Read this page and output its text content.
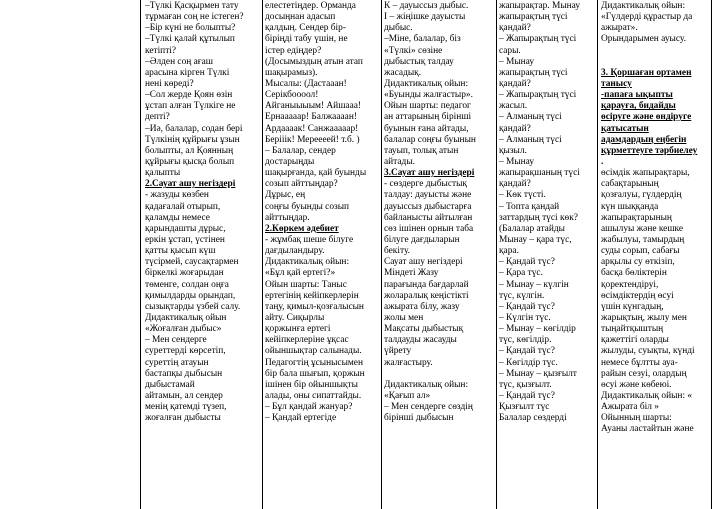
–Түлкі Қасқырмен тату
тұрмаған соң не істеген?
–Бір күні не болыпты?
–Түлкі қалай құтылып
кетіпті?
–Әлден соң ағаш
арасына кірген Түлкі
нені көреді?
–Сол жерде Қоян өзін
ұстап алған Түлкіге не
депті?
–Иә, балалар, содан бері
Түлкінің құйрығы ұзын
болыпты, ал Қоянның
құйрығы қысқа болып
қалыпты
2.Сауат ашу негіздері
- жазуды көзбен
қадағалай отырып,
қаламды немесе
қарындашты дұрыс,
еркін ұстап, үстінен
қатты қысып күш
түсірмей, саусақтармен
біркелкі жоғарыдан
төменге, солдан оңға
қимылдарды орындап,
сызықтарды үзбей салу.
Дидактикалық ойын
«Жоғалған дыбыс»
– Мен сендерге
суреттерді көрсетіп,
суреттің атауын
бастапқы дыбысын
дыбыстамай
айтамын, ал сендер
менің қатемді түзеп,
жоғалған дыбысты
елестетіңдер. Орманда
досыңнан адасып
қалдың. Сендер бір-
біріңді табу үшін, не
істер едіңдер?
(Досымыздың атын атап
шақырамыз).
Мысалы: (Дастааан!
Серікбоооол!
Айганыыыым! Айшааа!
Ернааааар! Балжаааан!
Ардаааак! Санжааааар!
Берііік! Мереееей! т.б. )
– Балалар, сендер
достарыңды
шақырғанда, қай буынды
созып айттыңдар?
Дұрыс, ең
соңғы буынды созып
айттыңдар.
2.Көркем әдебиет
- жұмбақ шеше білуге
дағдыландыру.
Дидактикалық ойын:
«Бұл қай ертегі?»
Ойын шарты: Таныс
ертегінің кейіпкерлерін
таңу, қимыл-қозғалысын
айту. Сиқырлы
қоржынға ертегі
кейіпкерлеріне ұқсас
ойыншықтар салынады.
Педагогтің ұсынысымен
бір бала шығып, қоржын
ішінен бір ойыншықты
алады, оны сипаттайды.
– Бұл қандай жануар?
– Қандай ертегіде
К – дауыссыз дыбыс.
І – жіңішке дауысты
дыбыс.
–Міне, балалар, біз
«Түлкі» сөзіне
дыбыстық талдау
жасадық.
Дидактикалық ойын:
«Буынды жалғастыр».
Ойын шарты: педагог
ан аттарының бірінші
буынын ғана айтады,
балалар соңғы буынын
тауып, толық атын
айтады.
3.Сауат ашу негіздері
- сөздерге дыбыстық
талдау: дауысты және
дауыссыз дыбыстарға
байланысты айтылған
сөз ішінен орнын таба
білуге дағдыларын
бекіту.
Сауат ашу негіздері
Міндеті Жазу
парағында бағдарлай
жоларалық кеңістікті
ажырата білу, жазу
жолы мен
Мақсаты дыбыстық
талдауды жасауды
үйрету
жалғастыру.
Дидактикалық ойын:
«Қағып ал»
– Мен сендерге сөздің
бірінші дыбысын
жапырақтар. Мынау
жапырақтың түсі
қандай?
– Жапырақтың түсі
сары.
– Мынау
жапырақтың түсі
қандай?
– Жапырақтың түсі
жасыл.
– Алманың түсі
қандай?
– Алманың түсі
қызыл.
– Мынау
жапырақшаның түсі
қандай?
– Көк түсті.
– Топта қандай
заттардың түсі көк?
(Балалар атайды
Мынау – қара түс,
қара.
– Қандай түс?
– Қара түс.
– Мынау – күлгін
түс, күлгін.
– Қандай түс?
– Күлгін түс.
– Мынау – көгілдір
түс, көгілдір.
– Қандай түс?
– Көгілдір түс.
– Мынау – қызғылт
түс, қызғылт.
– Қандай түс?
Қызғылт түс
Балалар сөздерді
Дидактикалық ойын:
«Гүлдерді құрастыр да
ажырат».
Орындарымен ауысу.
3. Қоршаған ортамен
танысу
-папаға ықыпты
қарауға, бидайды
өсіруге және өндіруге
қатысатын
адамдардың еңбегін
құрметтеуге тәрбиелеу
.
өсімдік жапырақтары,
сабақтарының
қозғалуы, гүлдердің
күн шыққанда
жапырақтарының
ашылуы және кешке
жабылуы, тамырдың
суды сорып, сабағы
арқылы су өткізіп,
басқа бөліктерін
қоректендіруі,
өсімдіктердің өсуі
үшін күнгадың,
жарықтың, жылу мен
тыңайтқыштың
қажеттігі оларды
жылуды, суықты, күнді
немесе бұлтты ауа-
райын сезуі, олардың
өсуі және көбеюі.
Дидактикалық ойын: «
Ажырата біл »
Ойынның шарты:
Ауаны ластайтын және
